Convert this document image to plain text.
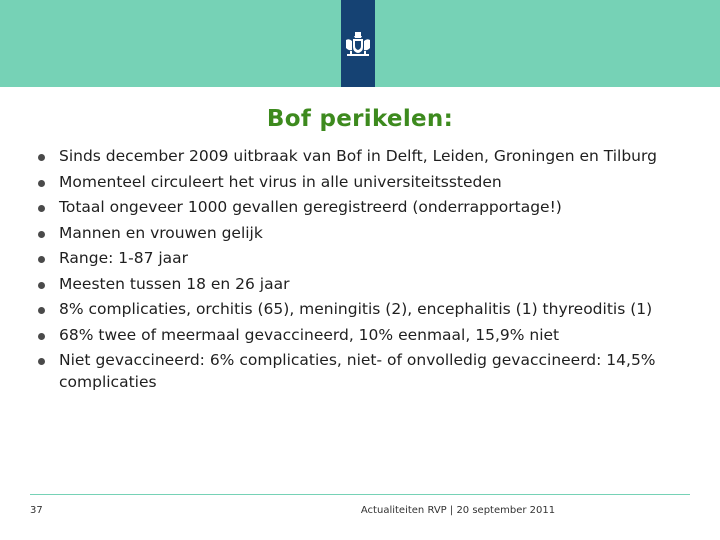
Bof perikelen:
Sinds december 2009 uitbraak van Bof in Delft, Leiden, Groningen en Tilburg
Momenteel circuleert het virus in alle universiteitssteden
Totaal ongeveer 1000 gevallen geregistreerd (onderrapportage!)
Mannen en vrouwen gelijk
Range: 1-87 jaar
Meesten tussen 18 en 26 jaar
8% complicaties, orchitis (65), meningitis (2), encephalitis (1) thyreoditis (1)
68% twee of meermaal gevaccineerd, 10% eenmaal, 15,9% niet
Niet gevaccineerd: 6% complicaties, niet- of onvolledig gevaccineerd: 14,5% complicaties
37	Actualiteiten RVP | 20 september 2011
